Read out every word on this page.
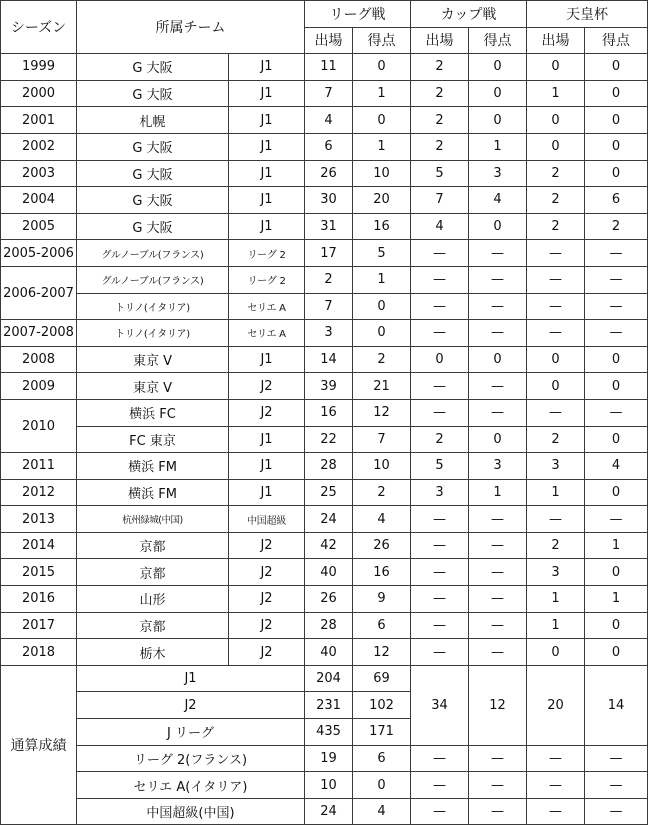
シーズン	所属チーム		リーグ戦		カップ戦		天皇杯	
			出場	得点	出場	得点	出場	得点
1999	G 大阪	J1	11	0	2	0	0	0
2000	G 大阪	J1	7	1	2	0	1	0
2001	札幌	J1	4	0	2	0	0	0
2002	G 大阪	J1	6	1	2	1	0	0
2003	G 大阪	J1	26	10	5	3	2	0
2004	G 大阪	J1	30	20	7	4	2	6
2005	G 大阪	J1	31	16	4	0	2	2
2005-2006	グルノーブル(フランス)	リーグ 2	17	5	—	—	—	—
2006-2007	グルノーブル(フランス)	リーグ 2	2	1	—	—	—	—
	トリノ(イタリア)	セリエ A	7	0	—	—	—	—
2007-2008	トリノ(イタリア)	セリエ A	3	0	—	—	—	—
2008	東京 V	J1	14	2	0	0	0	0
2009	東京 V	J2	39	21	—	—	0	0
2010	横浜 FC	J2	16	12	—	—	—	—
	FC 東京	J1	22	7	2	0	2	0
2011	横浜 FM	J1	28	10	5	3	3	4
2012	横浜 FM	J1	25	2	3	1	1	0
2013	杭州緑城(中国)	中国超級	24	4	—	—	—	—
2014	京都	J2	42	26	—	—	2	1
2015	京都	J2	40	16	—	—	3	0
2016	山形	J2	26	9	—	—	1	1
2017	京都	J2	28	6	—	—	1	0
2018	栃木	J2	40	12	—	—	0	0
通算成績	J1		204	69	34	12	20	14
	J2		231	102				
	J リーグ		435	171				
	リーグ 2(フランス)		19	6	—	—	—	—
	セリエ A(イタリア)		10	0	—	—	—	—
	中国超級(中国)		24	4	—	—	—	—
